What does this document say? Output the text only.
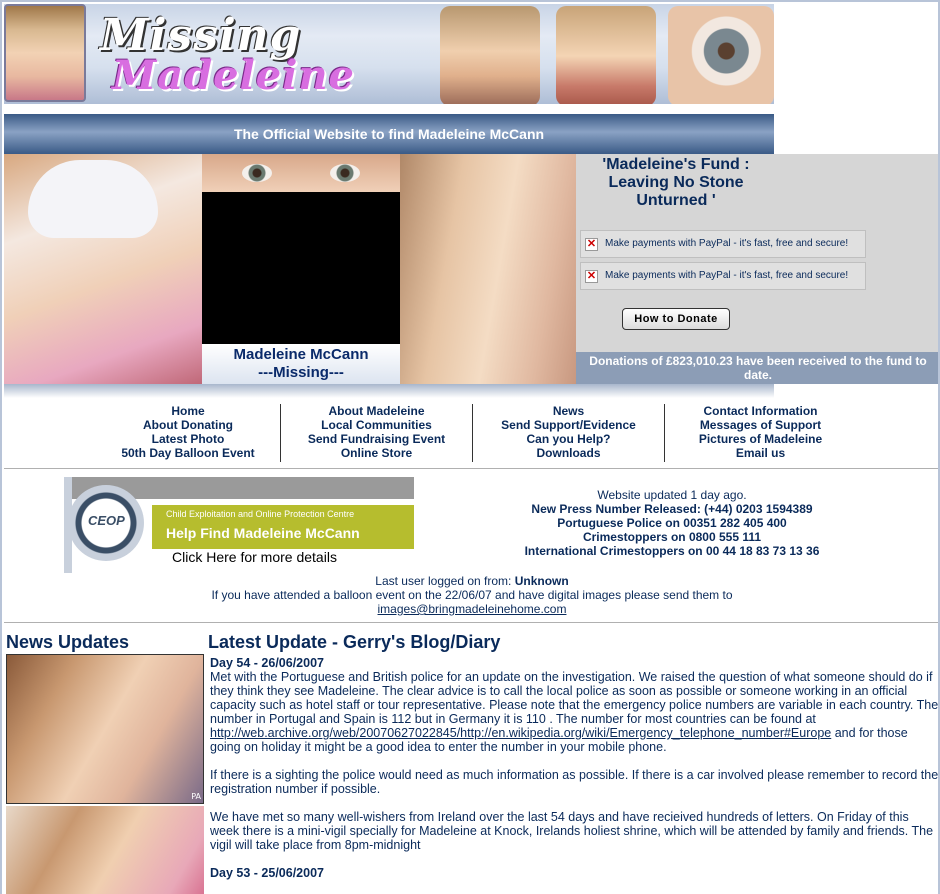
Missing
Madeleine
The Official Website to find Madeleine McCann
Madeleine McCann
---Missing---
'Madeleine's Fund : Leaving No Stone Unturned '
✕ Make payments with PayPal - it's fast, free and secure!
✕ Make payments with PayPal - it's fast, free and secure!
How to Donate
Donations of £823,010.23 have been received to the fund to date.
Home
About Donating
Latest Photo
50th Day Balloon Event
About Madeleine
Local Communities
Send Fundraising Event
Online Store
News
Send Support/Evidence
Can you Help?
Downloads
Contact Information
Messages of Support
Pictures of Madeleine
Email us
CEOP	Child Exploitation and Online Protection Centre
Help Find Madeleine McCann
Click Here for more details
Website updated 1 day ago.
New Press Number Released: (+44) 0203 1594389
Portuguese Police on 00351 282 405 400
Crimestoppers on 0800 555 111
International Crimestoppers on 00 44 18 83 73 13 36
Last user logged on from: Unknown
If you have attended a balloon event on the 22/06/07 and have digital images please send them to
images@bringmadeleinehome.com
News Updates
PA
Latest Update - Gerry's Blog/Diary
Day 54 - 26/06/2007

Met with the Portuguese and British police for an update on the investigation. We raised the question of what someone should do if they think they see Madeleine. The clear advice is to call the local police as soon as possible or someone working in an official capacity such as hotel staff or tour representative. Please note that the emergency police numbers are variable in each country. The number in Portugal and Spain is 112 but in Germany it is 110 . The number for most countries can be found at http://web.archive.org/web/20070627022845/http://en.wikipedia.org/wiki/Emergency_telephone_number#Europe and for those going on holiday it might be a good idea to enter the number in your mobile phone.

If there is a sighting the police would need as much information as possible. If there is a car involved please remember to record the registration number if possible.

We have met so many well-wishers from Ireland over the last 54 days and have recieived hundreds of letters. On Friday of this week there is a mini-vigil specially for Madeleine at Knock, Irelands holiest shrine, which will be attended by family and friends. The vigil will take place from 8pm-midnight

Day 53 - 25/06/2007
